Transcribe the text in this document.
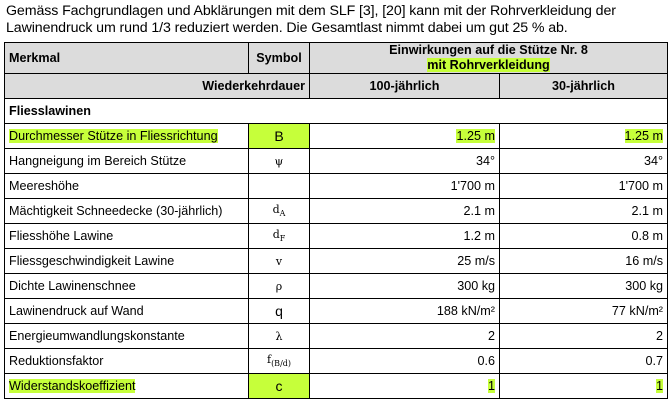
Gemäss Fachgrundlagen und Abklärungen mit dem SLF [3], [20] kann mit der Rohrverkleidung der Lawinendruck um rund 1/3 reduziert werden. Die Gesamtlast nimmt dabei um gut 25 % ab.
Merkmal	Symbol	Einwirkungen auf die Stütze Nr. 8
mit Rohrverkleidung	

Wiederkehrdauer		100-jährlich	30-jährlich
Fliesslawinen			
Durchmesser Stütze in Fliessrichtung	B	1.25 m	1.25 m
Hangneigung im Bereich Stütze	ψ	34°	34°
Meereshöhe		1'700 m	1'700 m
Mächtigkeit Schneedecke (30-jährlich)	$d_A$	2.1 m	2.1 m
Fliesshöhe Lawine	$d_F$	1.2 m	0.8 m
Fliessgeschwindigkeit Lawine	v	25 m/s	16 m/s
Dichte Lawinenschnee	ρ	300 kg	300 kg
Lawinendruck auf Wand	q	188 kN/m²	77 kN/m²
Energieumwandlungskonstante	λ	2	2
Reduktionsfaktor	$f_{(B/d)}$	0.6	0.7
Widerstandskoeffizient	c	1	1
